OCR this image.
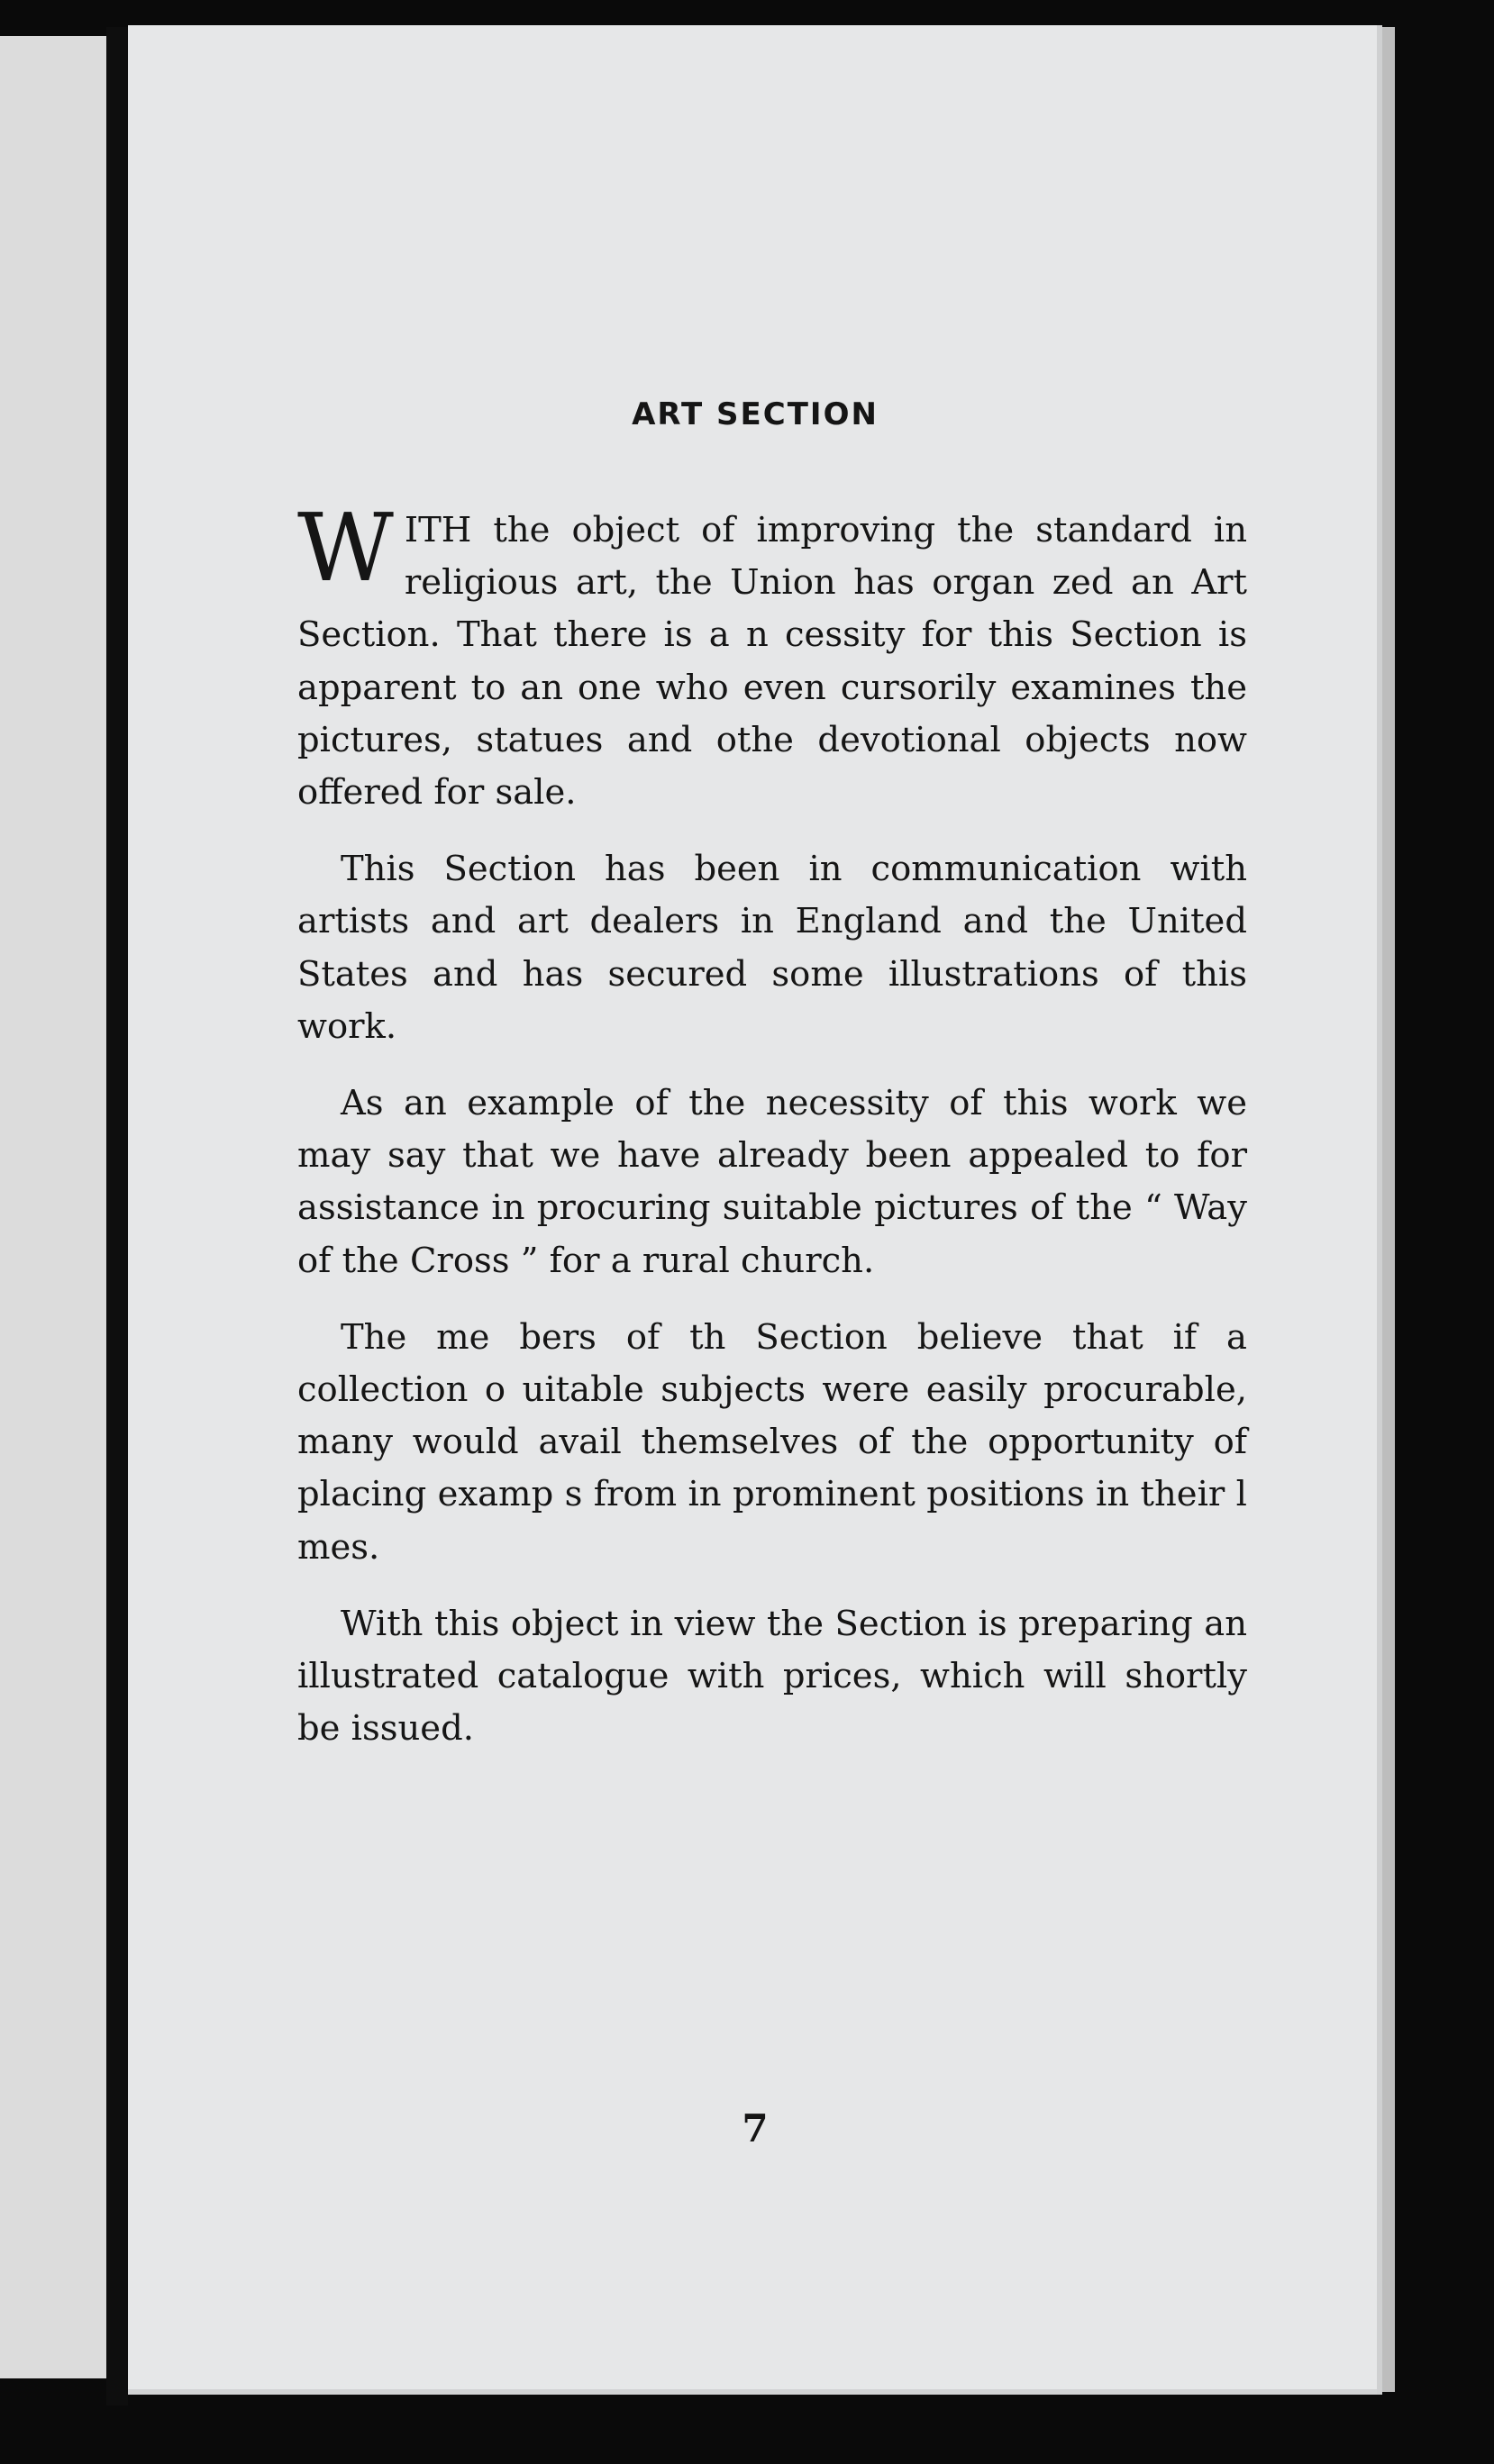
ART SECTION

WITH the object of improving the standard in religious art, the Union has organ zed an Art Section. That there is a n cessity for this Section is apparent to an one who even cursorily examines the pictures, statues and othe devotional objects now offered for sale.

This Section has been in communication with artists and art dealers in England and the United States and has secured some illustrations of this work.

As an example of the necessity of this work we may say that we have already been appealed to for assistance in procuring suitable pictures of the “ Way of the Cross ” for a rural church.

The me bers of th Section believe that if a collection o uitable subjects were easily procurable, many would avail themselves of the opportunity of placing examp s from in prominent positions in their l mes.

With this object in view the Section is preparing an illustrated catalogue with prices, which will shortly be issued.

7
